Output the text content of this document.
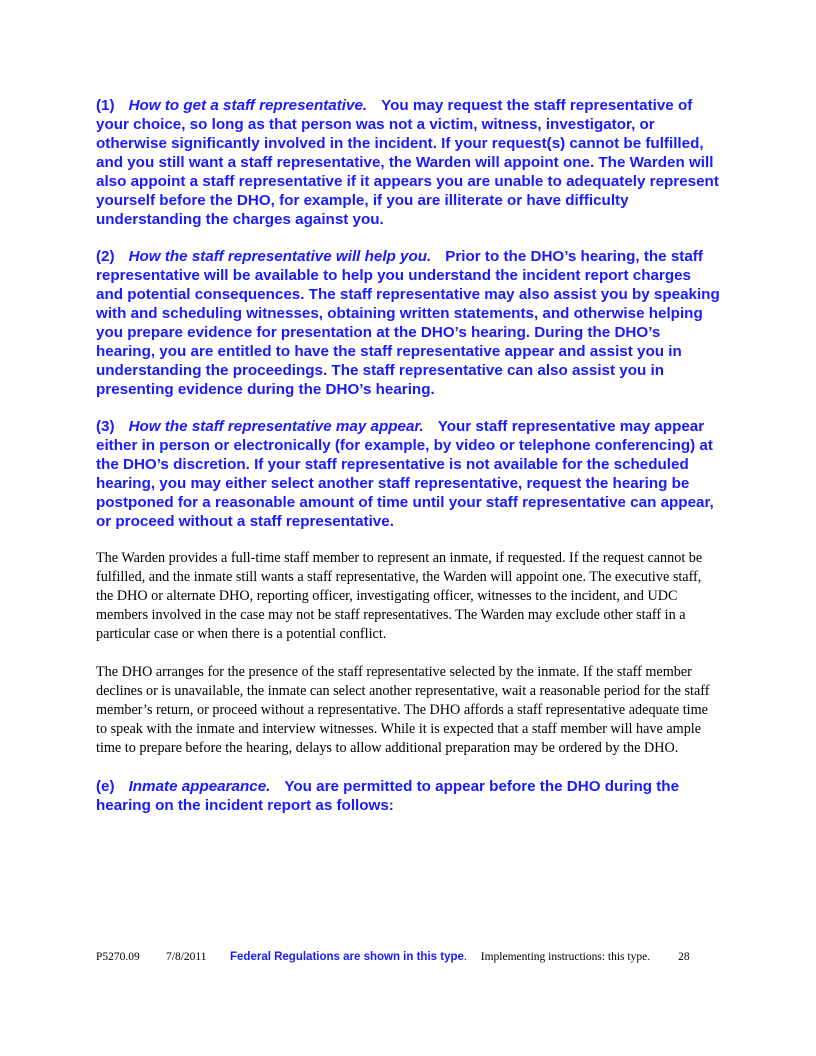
(1) How to get a staff representative. You may request the staff representative of your choice, so long as that person was not a victim, witness, investigator, or otherwise significantly involved in the incident. If your request(s) cannot be fulfilled, and you still want a staff representative, the Warden will appoint one. The Warden will also appoint a staff representative if it appears you are unable to adequately represent yourself before the DHO, for example, if you are illiterate or have difficulty understanding the charges against you.

(2) How the staff representative will help you. Prior to the DHO’s hearing, the staff representative will be available to help you understand the incident report charges and potential consequences. The staff representative may also assist you by speaking with and scheduling witnesses, obtaining written statements, and otherwise helping you prepare evidence for presentation at the DHO’s hearing. During the DHO’s hearing, you are entitled to have the staff representative appear and assist you in understanding the proceedings. The staff representative can also assist you in presenting evidence during the DHO’s hearing.

(3) How the staff representative may appear. Your staff representative may appear either in person or electronically (for example, by video or telephone conferencing) at the DHO’s discretion. If your staff representative is not available for the scheduled hearing, you may either select another staff representative, request the hearing be postponed for a reasonable amount of time until your staff representative can appear, or proceed without a staff representative.

The Warden provides a full-time staff member to represent an inmate, if requested. If the request cannot be fulfilled, and the inmate still wants a staff representative, the Warden will appoint one. The executive staff, the DHO or alternate DHO, reporting officer, investigating officer, witnesses to the incident, and UDC members involved in the case may not be staff representatives. The Warden may exclude other staff in a particular case or when there is a potential conflict.

The DHO arranges for the presence of the staff representative selected by the inmate. If the staff member declines or is unavailable, the inmate can select another representative, wait a reasonable period for the staff member’s return, or proceed without a representative. The DHO affords a staff representative adequate time to speak with the inmate and interview witnesses. While it is expected that a staff member will have ample time to prepare before the hearing, delays to allow additional preparation may be ordered by the DHO.

(e) Inmate appearance. You are permitted to appear before the DHO during the hearing on the incident report as follows:

P5270.09 7/8/2011 Federal Regulations are shown in this type. Implementing instructions: this type. 28
